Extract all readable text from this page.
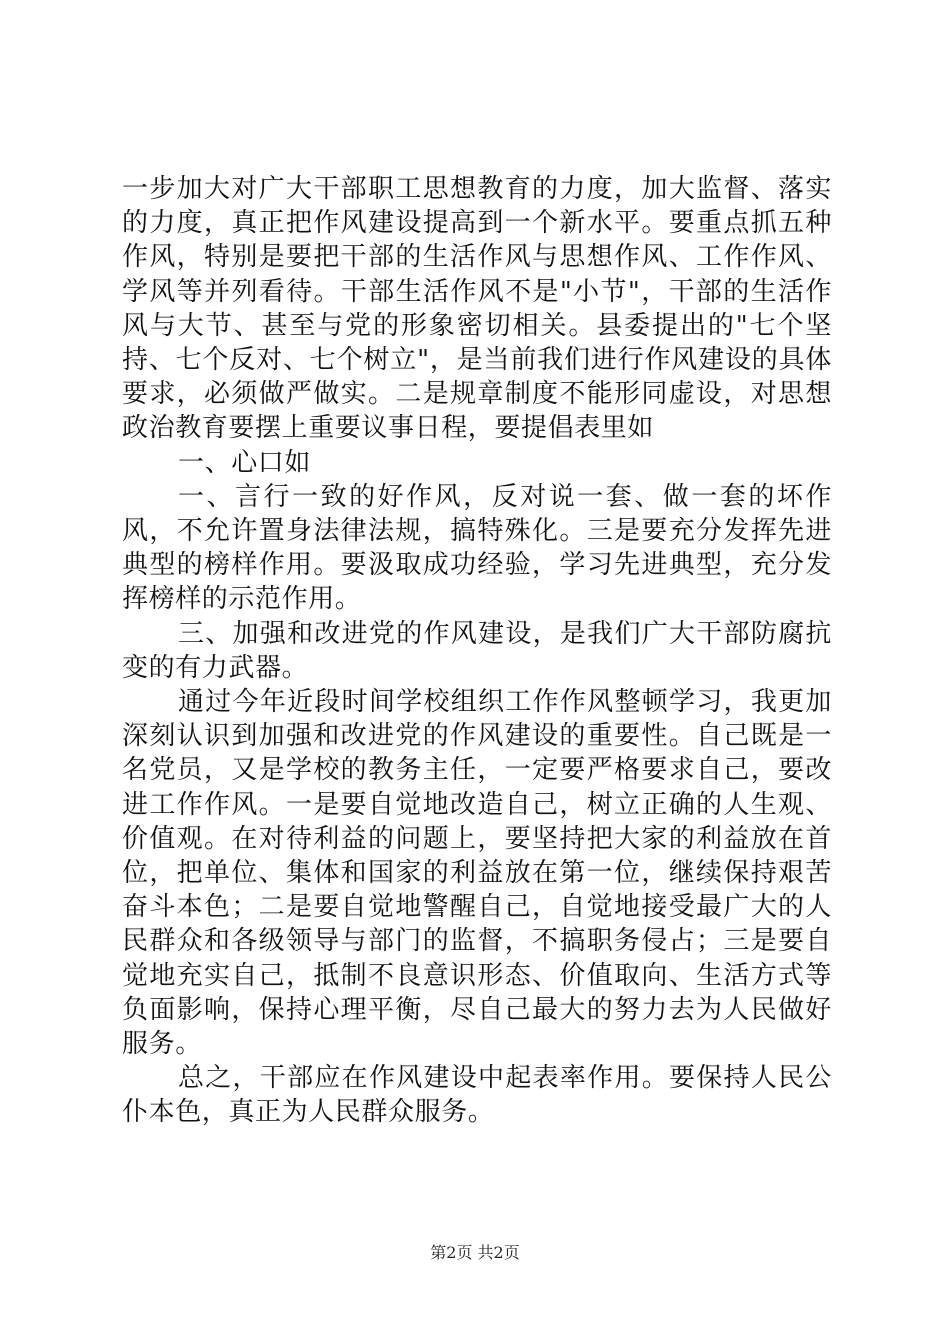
一步加大对广大干部职工思想教育的力度，加大监督、落实的力度，真正把作风建设提高到一个新水平。要重点抓五种作风，特别是要把干部的生活作风与思想作风、工作作风、学风等并列看待。干部生活作风不是"小节"，干部的生活作风与大节、甚至与党的形象密切相关。县委提出的"七个坚持、七个反对、七个树立"，是当前我们进行作风建设的具体要求，必须做严做实。二是规章制度不能形同虚设，对思想政治教育要摆上重要议事日程，要提倡表里如

一、心口如

一、言行一致的好作风，反对说一套、做一套的坏作风，不允许置身法律法规，搞特殊化。三是要充分发挥先进典型的榜样作用。要汲取成功经验，学习先进典型，充分发挥榜样的示范作用。

三、加强和改进党的作风建设，是我们广大干部防腐抗变的有力武器。

通过今年近段时间学校组织工作作风整顿学习，我更加深刻认识到加强和改进党的作风建设的重要性。自己既是一名党员，又是学校的教务主任，一定要严格要求自己，要改进工作作风。一是要自觉地改造自己，树立正确的人生观、价值观。在对待利益的问题上，要坚持把大家的利益放在首位，把单位、集体和国家的利益放在第一位，继续保持艰苦奋斗本色；二是要自觉地警醒自己，自觉地接受最广大的人民群众和各级领导与部门的监督，不搞职务侵占；三是要自觉地充实自己，抵制不良意识形态、价值取向、生活方式等负面影响，保持心理平衡，尽自己最大的努力去为人民做好服务。

总之，干部应在作风建设中起表率作用。要保持人民公仆本色，真正为人民群众服务。

第2页 共2页
